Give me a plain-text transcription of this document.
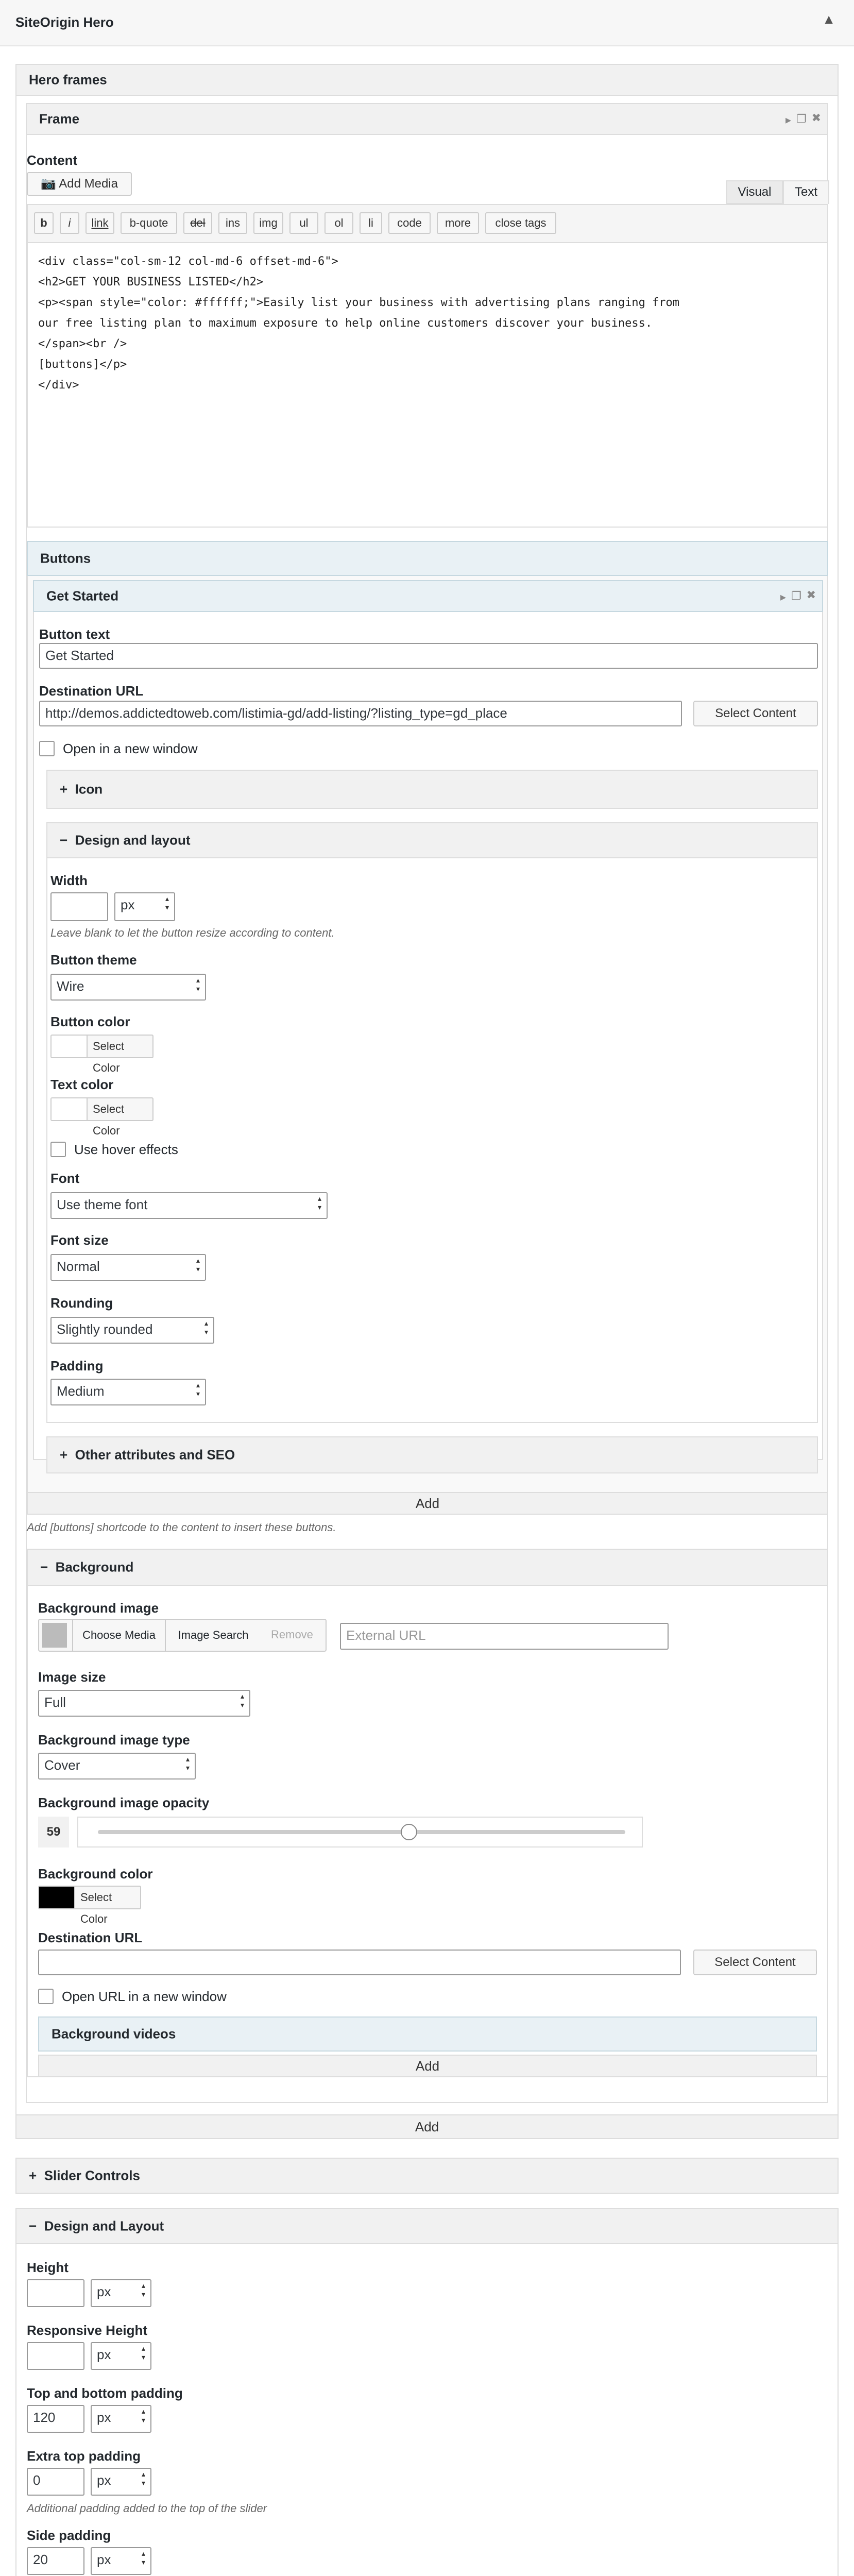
SiteOrigin Hero	▲
Hero frames
Frame	▸ ❐ ✖
Content
📷 Add Media
Visual	Text
b	i	link	b-quote	del	ins	img	ul	ol	li	code	more	close tags
<div class="col-sm-12 col-md-6 offset-md-6">
<h2>GET YOUR BUSINESS LISTED</h2>
<p><span style="color: #ffffff;">Easily list your business with advertising plans ranging from
our free listing plan to maximum exposure to help online customers discover your business.
</span><br />
[buttons]</p>
</div>
Buttons
Get Started	▸ ❐ ✖
Button text
Get Started
Destination URL
http://demos.addictedtoweb.com/listimia-gd/add-listing/?listing_type=gd_place	Select Content
Open in a new window
+  Icon
−  Design and layout
Width
px ▴ ▾
Leave blank to let the button resize according to content.
Button theme
Wire ▴ ▾
Button color
Select Color
Text color
Select Color
Use hover effects
Font
Use theme font ▴ ▾
Font size
Normal ▴ ▾
Rounding
Slightly rounded ▴ ▾
Padding
Medium ▴ ▾
+  Other attributes and SEO
Add
Add [buttons] shortcode to the content to insert these buttons.
−  Background
Background image
Choose Media	Image Search	Remove	External URL
Image size
Full ▴ ▾
Background image type
Cover ▴ ▾
Background image opacity
59
Background color
Select Color
Destination URL
Select Content
Open URL in a new window
Background videos
Add
Add
+  Slider Controls
−  Design and Layout
Height
px ▴ ▾
Responsive Height
px ▴ ▾
Top and bottom padding
120	px ▴ ▾
Extra top padding
0	px ▴ ▾
Additional padding added to the top of the slider
Side padding
20	px ▴ ▾
